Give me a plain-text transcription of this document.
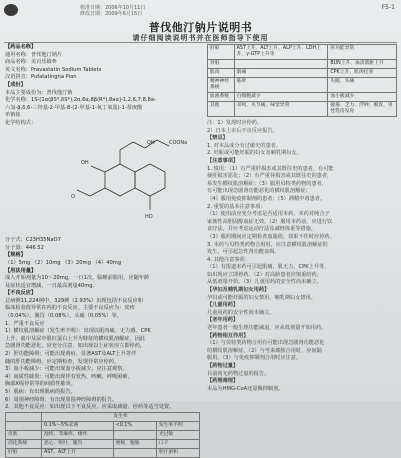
核准日期：2006年10月11日
修改日期：2009年6月15日
F5-1
普伐他汀钠片说明书
请仔细阅读说明书并在医师指导下使用
【药品名称】
通用名称：普伐他汀钠片
商品名称：美百乐镇®
英文名称：Pravastatin Sodium Tablets
汉语拼音：Pufatatingna Pian
【成份】
本品主要成份为：普伐他汀钠
化学名称：1S-[1α(βS*,δS*),2α,6α,8β(R*),8aα]-1,2,6,7,8,8a-
六氢-β,δ,6-三羟基-2-甲基-8-(2-甲基-1-氧丁氧基)-1-萘庚酸
单钠盐
化学结构式：
OH	COONa
O
HO
OH
分子式：C23H35NaO7
分子量：446.52
【规格】
（1）5mg （2）10mg （3）20mg （4）40mg
【用法用量】
成人开始剂量为10～20mg，一日1次，临睡前服用，应随年龄
及症状适宜增减，一日最高剂量40mg。
【不良反应】
总病例11,224例中，329例（2.93%）出现包括不良反应和
临床检验值异常在内的不良反应。主要不良反应为：皮疹
（0.04%），腹泻（0.08%），头痛（0.05%）等。
1．严重不良反应
1）横纹肌溶解症（发生率不明）：出现以肌肉痛、无力感、CPK
上升、血中及尿中肌红蛋白上升为特征的横纹肌溶解症，因此
急剧肾功能恶化，应充分注意，如出现以上症状应立即停药。
2）肝功能障碍：可能出现黄疸、显著AST及ALT上升等伴
随的肝功能障碍，应定期检查，发现异常应停药。
3）血小板减少：可能出现血小板减少，应注意观察。
4）间质性肺炎：可能出现伴有发热、咳嗽、呼吸困难、
胸部X线异常等的间质性肺炎。
5）肌病：有出现肌病的报告。
6）周围神经障碍：有出现周围神经障碍的报告。
2．其他不良反应：如出现以下不良反应，应采取减量、停药等适当处置。
	发生率		
	0.1%～5%未满	<0.1%	发生率不明
皮肤	湿疹、荨麻疹、瘙痒		光过敏
消化系统	恶心、呕吐、腹泻	便秘、腹胀	口干
肝脏	AST、ALT上升		胆汁淤积
肝脏	AST上升、ALT上升、ALP上升、LDH上升、γ-GTP上升等	肝功能异常
肾脏		BUN上升、血清肌酐上升
肌肉	肌痛	CPK上升、肌肉痉挛
精神神经系统	眩晕	失眠、头痛
血液系统	白细胞减少	血小板减少
其他	耳鸣、关节痛、味觉异常	疲倦、乏力、浮肿、脱发、男性乳房发育
注：1）发现时应停药。
2）日本上市后不良反应报告。
【禁忌】
1. 对本品成分有过敏史的患者。
2. 妊娠或可能妊娠的妇女及哺乳期妇女。
【注意事项】
1. 慎用：（1）有严重肝损害或其既往史的患者，有可能
使肝损害恶化；（2）有严重肾损害或其既往史的患者，
易发生横纹肌溶解症；（3）服用贝特类药物的患者，
有可能出现急剧肾功能恶化的横纹肌溶解症；
（4）服用免疫抑制剂的患者；（5）酒精中毒患者。
2. 重要的基本注意事项：
（1）使用前应充分考虑是否适用本药，本药对纯合子
家族性高胆固醇血症无效。（2）服用本药前，应进行饮
食疗法，并应考虑运动疗法及减轻体重等措施。
（3）服药期间应定期检查血脂值，效果不佳时应停药。
3. 本药与贝特类药物合用时，应注意横纹肌溶解症的
发生，可引起急性肾功能衰竭。
4. 其他注意事项：
（1）有报道本药可引起肌痛、肌无力、CPK上升等，
如出现应立即停药。（2）对高龄患者应慎重给药，
从低剂量开始。（3）儿童用药的安全性尚未确立。
【孕妇及哺乳期妇女用药】
孕妇或可能妊娠的妇女禁用，哺乳期妇女禁用。
【儿童用药】
儿童用药的安全性尚未确立。
【老年用药】
老年患者一般生理功能减退，应从低剂量开始用药。
【药物相互作用】
（1）与贝特类药物合用有可能出现急剧肾功能恶化
的横纹肌溶解症。（2）与考来烯胺合用时，应间隔
服用。（3）与免疫抑制剂合用时应注意。
【药物过量】
目前尚无药物过量的报告。
【药理毒理】
本品为HMG-CoA还原酶抑制剂。
